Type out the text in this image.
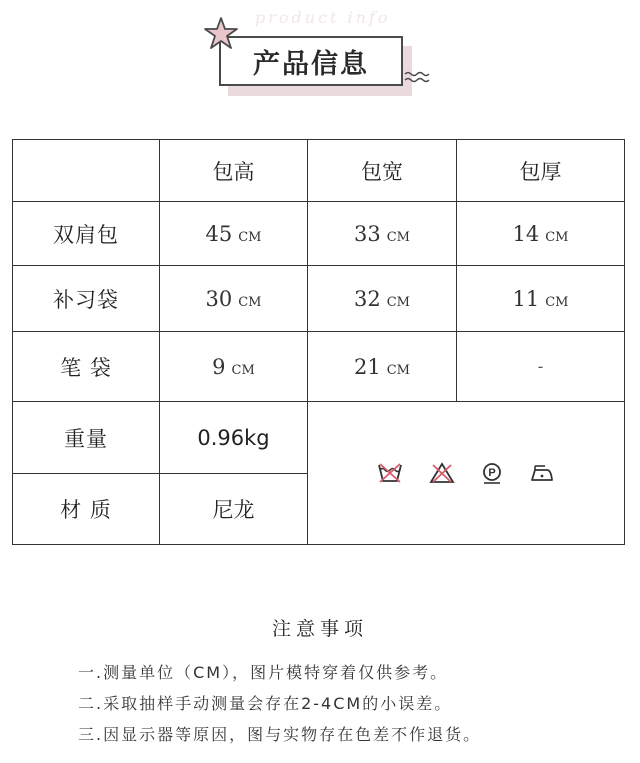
product info
产品信息
	包高	包宽	包厚
双肩包	45 CM	33 CM	14 CM
补习袋	30 CM	32 CM	11 CM
笔 袋	9 CM	21 CM	-
重量	0.96kg	P	

材 质	尼龙		
注意事项
一.测量单位（CM），图片模特穿着仅供参考。
二.采取抽样手动测量会存在2-4CM的小误差。
三.因显示器等原因，图与实物存在色差不作退货。
